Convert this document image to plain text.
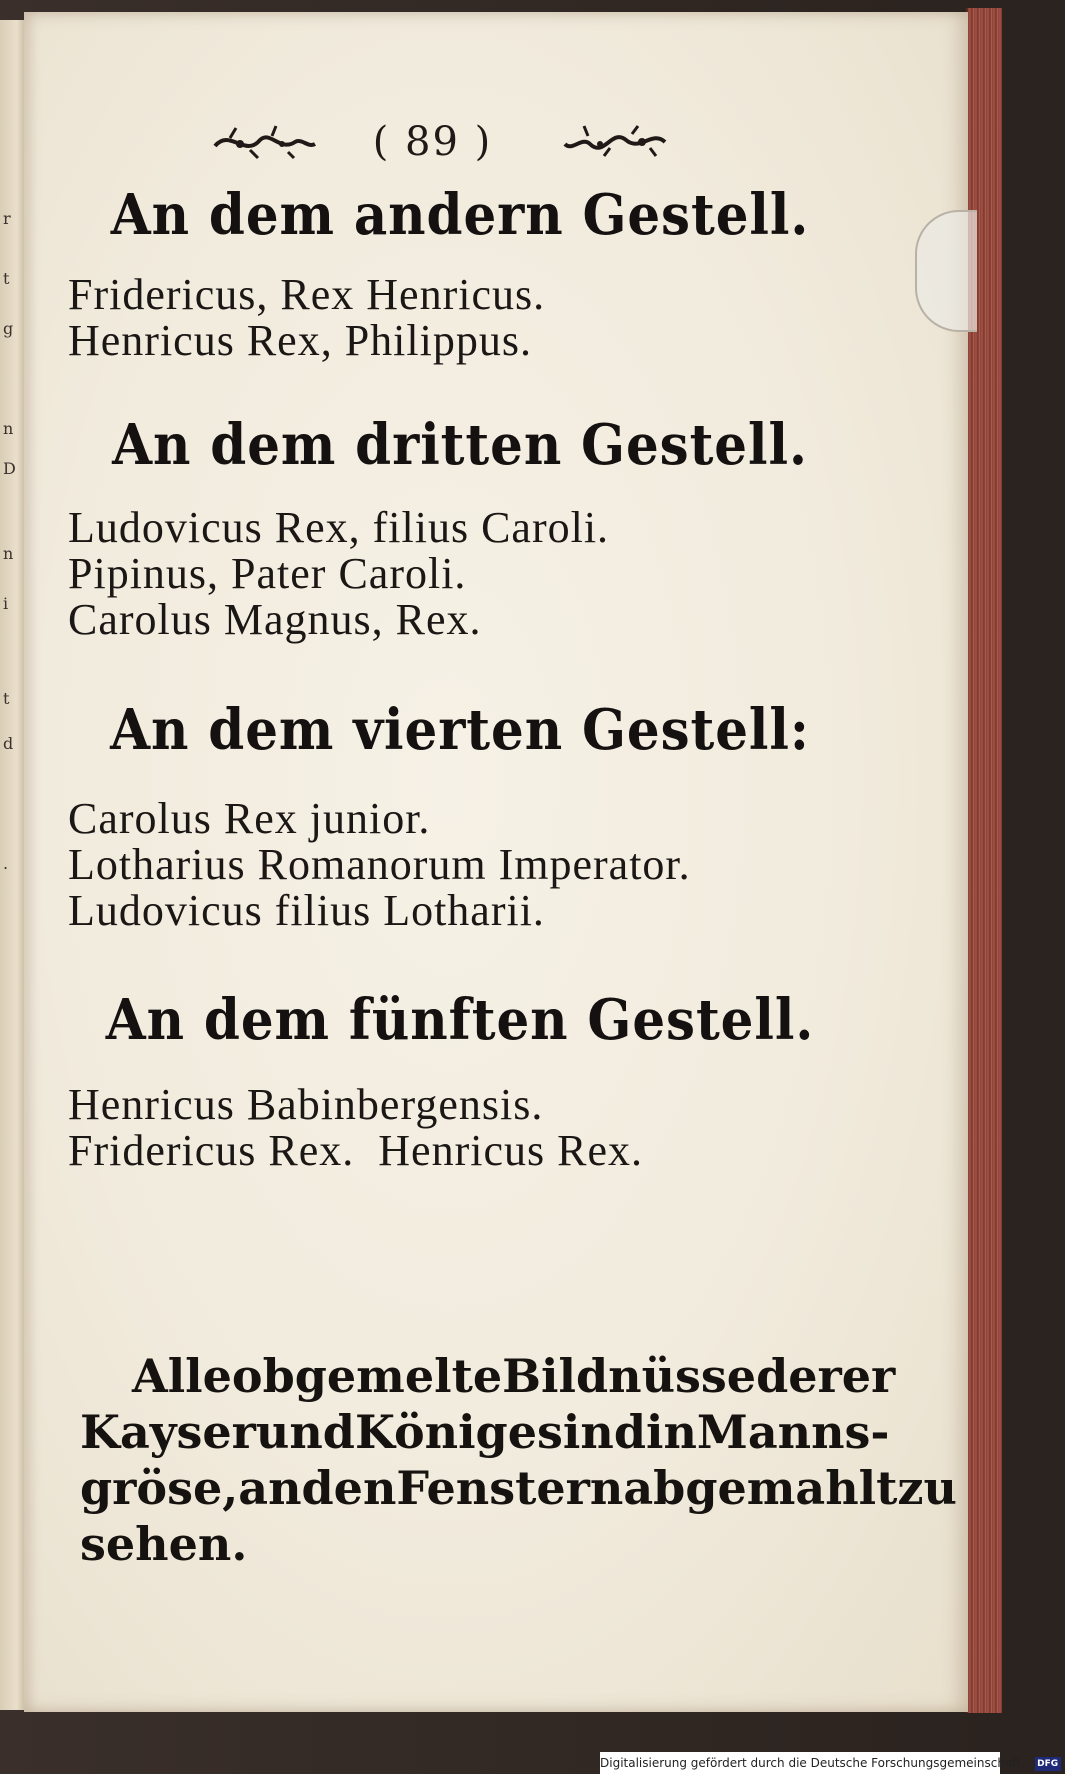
r
t
g
n
D
n
i
t
d
.
( 89 )
An dem andern Gestell.
Fridericus, Rex Henricus.
Henricus Rex, Philippus.
An dem dritten Gestell.
Ludovicus Rex, filius Caroli.
Pipinus, Pater Caroli.
Carolus Magnus, Rex.
An dem vierten Gestell:
Carolus Rex junior.
Lotharius Romanorum Imperator.
Ludovicus filius Lotharii.
An dem fünften Gestell.
Henricus Babinbergensis.
Fridericus Rex.  Henricus Rex.
Alle obgemelte Bildnüsse derer
Kayser und Könige sind in Manns-
gröse, an den Fenstern abgemahlt zu
sehen.
Digitalisierung gefördert durch die Deutsche Forschungsgemeinschaft · DFG
